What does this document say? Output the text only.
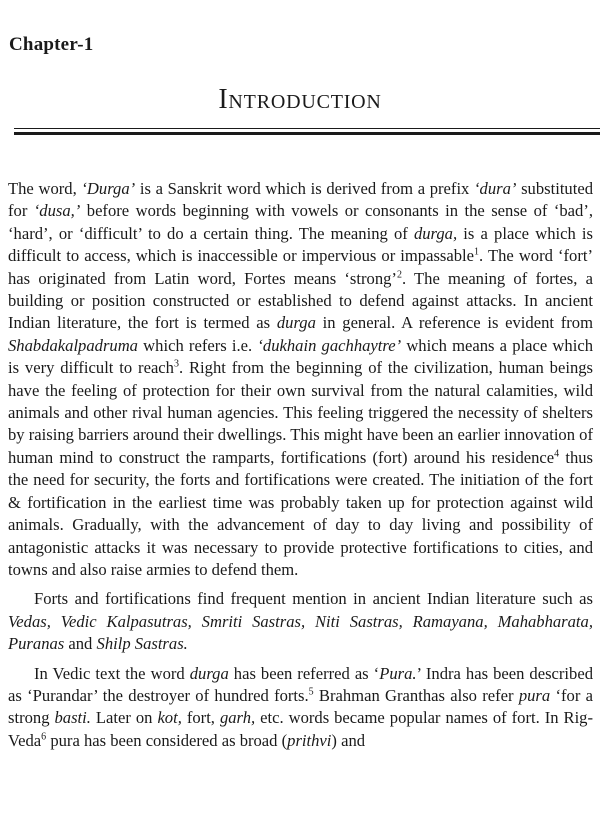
Chapter-1
Introduction

The word, ‘Durga’ is a Sanskrit word which is derived from a prefix ‘dura’ substituted for ‘dusa,’ before words beginning with vowels or consonants in the sense of ‘bad’, ‘hard’, or ‘difficult’ to do a certain thing. The meaning of durga, is a place which is difficult to access, which is inaccessible or impervious or impassable$^1$. The word ‘fort’ has originated from Latin word, Fortes means ‘strong’$^2$. The meaning of fortes, a building or position constructed or established to defend against attacks. In ancient Indian literature, the fort is termed as durga in general. A reference is evident from Shabdakalpadruma which refers i.e. ‘dukhain gachhaytre’ which means a place which is very difficult to reach$^3$. Right from the beginning of the civilization, human beings have the feeling of protection for their own survival from the natural calamities, wild animals and other rival human agencies. This feeling triggered the necessity of shelters by raising barriers around their dwellings. This might have been an earlier innovation of human mind to construct the ramparts, fortifications (fort) around his residence$^4$ thus the need for security, the forts and fortifications were created. The initiation of the fort & fortification in the earliest time was probably taken up for protection against wild animals. Gradually, with the advancement of day to day living and possibility of antagonistic attacks it was necessary to provide protective fortifications to cities, and towns and also raise armies to defend them.

Forts and fortifications find frequent mention in ancient Indian literature such as Vedas, Vedic Kalpasutras, Smriti Sastras, Niti Sastras, Ramayana, Mahabharata, Puranas and Shilp Sastras.

In Vedic text the word durga has been referred as ‘Pura.’ Indra has been described as ‘Purandar’ the destroyer of hundred forts.$^5$ Brahman Granthas also refer pura ‘for a strong basti. Later on kot, fort, garh, etc. words became popular names of fort. In Rig-Veda$^6$ pura has been considered as broad (prithvi) and
